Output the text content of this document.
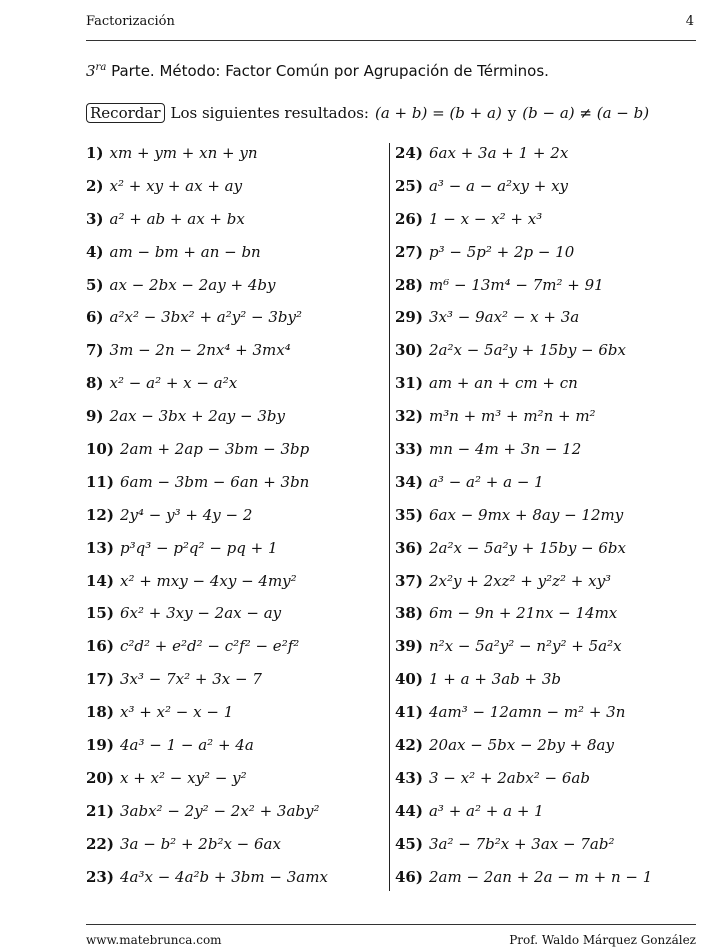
Factorización	4
$3^{ra}$ Parte. Método: Factor Común por Agrupación de Términos.
Recordar Los siguientes resultados: (a + b) = (b + a) y (b − a) ≠ (a − b)
1) xm + ym + xn + yn
2) x² + xy + ax + ay
3) a² + ab + ax + bx
4) am − bm + an − bn
5) ax − 2bx − 2ay + 4by
6) a²x² − 3bx² + a²y² − 3by²
7) 3m − 2n − 2nx⁴ + 3mx⁴
8) x² − a² + x − a²x
9) 2ax − 3bx + 2ay − 3by
10) 2am + 2ap − 3bm − 3bp
11) 6am − 3bm − 6an + 3bn
12) 2y⁴ − y³ + 4y − 2
13) p³q³ − p²q² − pq + 1
14) x² + mxy − 4xy − 4my²
15) 6x² + 3xy − 2ax − ay
16) c²d² + e²d² − c²f² − e²f²
17) 3x³ − 7x² + 3x − 7
18) x³ + x² − x − 1
19) 4a³ − 1 − a² + 4a
20) x + x² − xy² − y²
21) 3abx² − 2y² − 2x² + 3aby²
22) 3a − b² + 2b²x − 6ax
23) 4a³x − 4a²b + 3bm − 3amx
24) 6ax + 3a + 1 + 2x
25) a³ − a − a²xy + xy
26) 1 − x − x² + x³
27) p³ − 5p² + 2p − 10
28) m⁶ − 13m⁴ − 7m² + 91
29) 3x³ − 9ax² − x + 3a
30) 2a²x − 5a²y + 15by − 6bx
31) am + an + cm + cn
32) m³n + m³ + m²n + m²
33) mn − 4m + 3n − 12
34) a³ − a² + a − 1
35) 6ax − 9mx + 8ay − 12my
36) 2a²x − 5a²y + 15by − 6bx
37) 2x²y + 2xz² + y²z² + xy³
38) 6m − 9n + 21nx − 14mx
39) n²x − 5a²y² − n²y² + 5a²x
40) 1 + a + 3ab + 3b
41) 4am³ − 12amn − m² + 3n
42) 20ax − 5bx − 2by + 8ay
43) 3 − x² + 2abx² − 6ab
44) a³ + a² + a + 1
45) 3a² − 7b²x + 3ax − 7ab²
46) 2am − 2an + 2a − m + n − 1
www.matebrunca.com	Prof. Waldo Márquez González
